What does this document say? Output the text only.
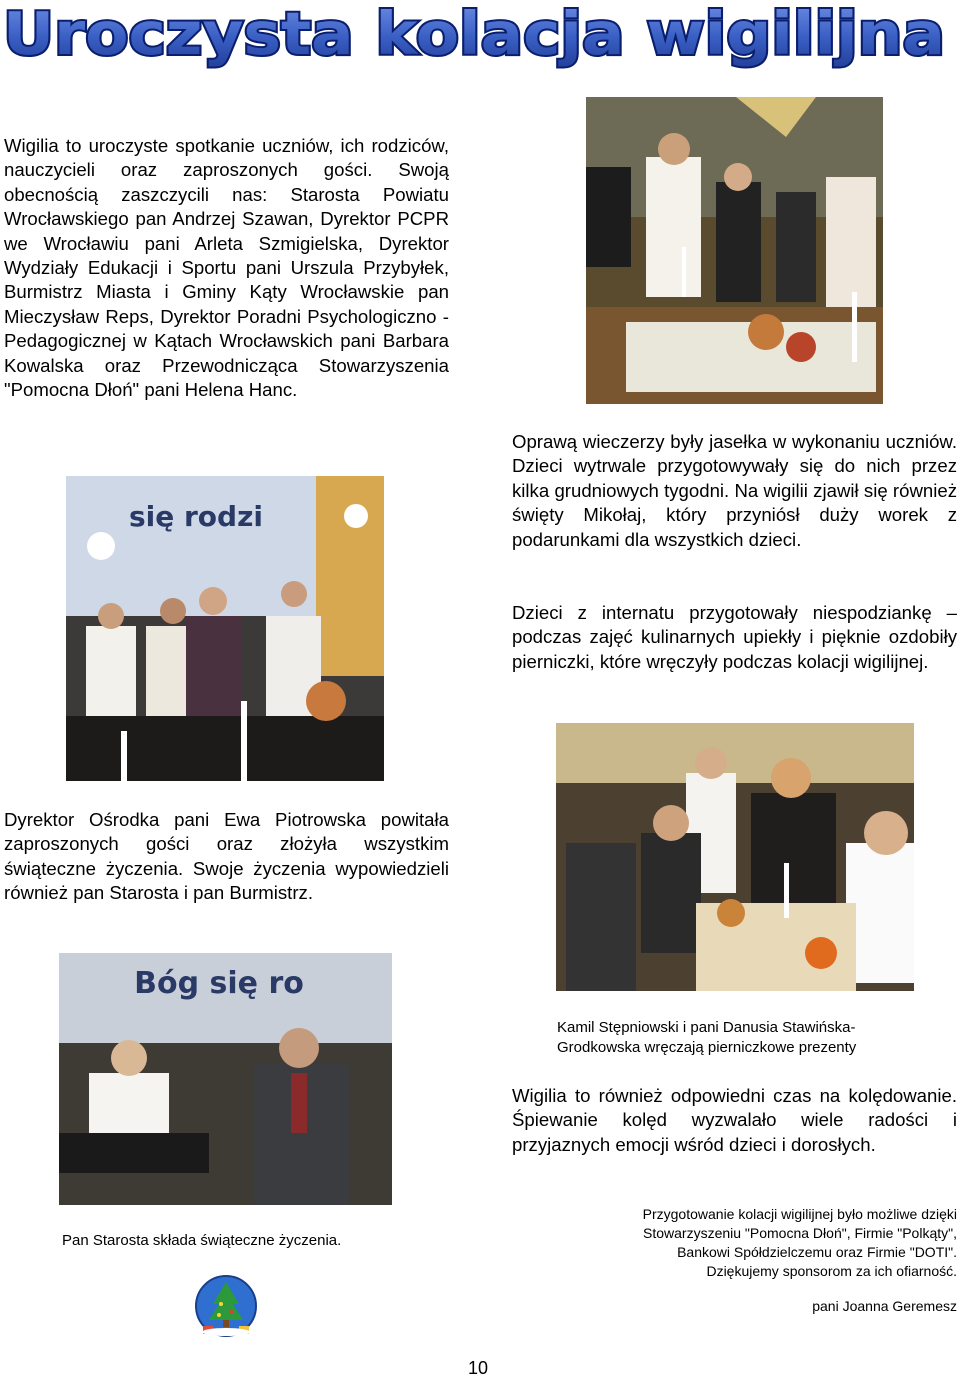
Uroczysta kolacja wigilijna

Wigilia to uroczyste spotkanie uczniów, ich rodziców, nauczycieli oraz zaproszonych gości. Swoją obecnością zaszczycili nas: Starosta Powiatu Wrocławskiego pan Andrzej Szawan, Dyrektor PCPR we Wrocławiu pani Arleta Szmigielska, Dyrektor Wydziały Edukacji i Sportu pani Urszula Przybyłek, Burmistrz Miasta i Gminy Kąty Wrocławskie pan Mieczysław Reps, Dyrektor Poradni Psychologiczno - Pedagogicznej w Kątach Wrocławskich pani Barbara Kowalska oraz Przewodnicząca Stowarzyszenia "Pomocna Dłoń" pani Helena Hanc.

Oprawą wieczerzy były jasełka w wykonaniu uczniów. Dzieci wytrwale przygotowywały się do nich przez kilka grudniowych tygodni. Na wigilii zjawił się również święty Mikołaj, który przyniósł duży worek z podarunkami dla wszystkich dzieci.

Dzieci z internatu przygotowały niespodziankę – podczas zajęć kulinarnych upiekły i pięknie ozdobiły pierniczki, które wręczyły podczas kolacji wigilijnej.

się rodzi

Dyrektor Ośrodka pani Ewa Piotrowska powitała zaproszonych gości oraz złożyła wszystkim świąteczne życzenia. Swoje życzenia wypowiedzieli również pan Starosta i pan Burmistrz.

Bóg się ro

Kamil Stępniowski i pani Danusia Stawińska-Grodkowska wręczają pierniczkowe prezenty

Wigilia to również odpowiedni czas na kolędowanie. Śpiewanie kolęd wyzwalało wiele radości i przyjaznych emocji wśród dzieci i dorosłych.

Pan Starosta składa świąteczne życzenia.

Przygotowanie kolacji wigilijnej było możliwe dzięki
Stowarzyszeniu "Pomocna Dłoń", Firmie "Polkąty",
Bankowi Spółdzielczemu oraz Firmie "DOTI".
Dziękujemy sponsorom za ich ofiarność.
pani Joanna Geremesz
10
